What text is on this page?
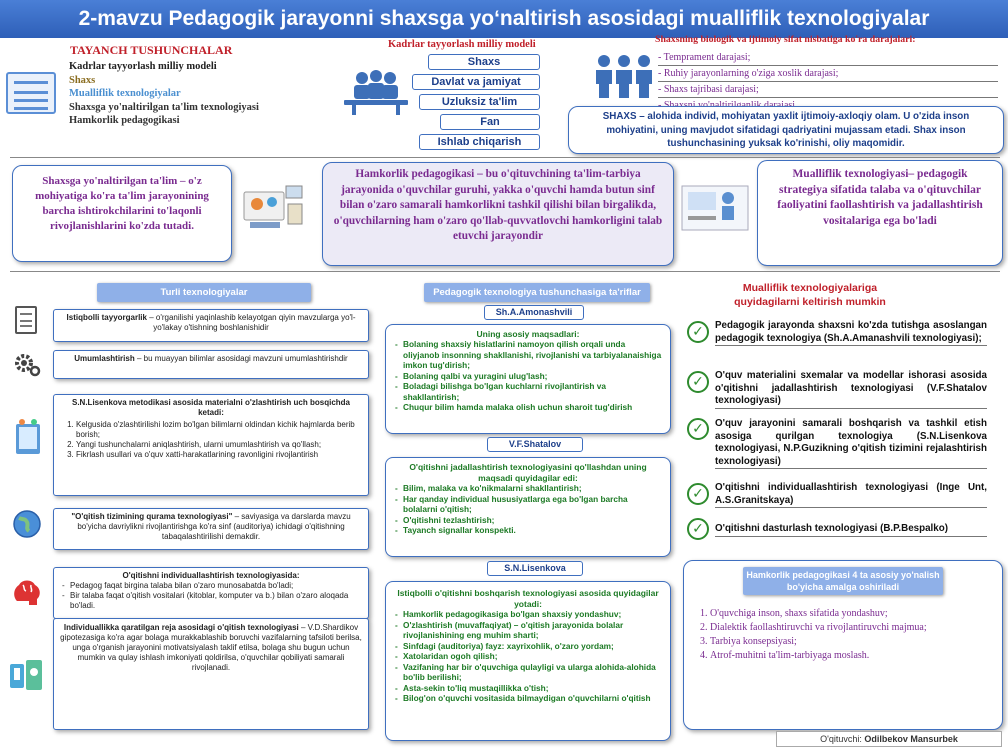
2-mavzu Pedagogik jarayonni shaxsga yoʻnaltirish asosidagi mualliflik texnologiyalar
TAYANCH TUSHUNCHALAR
Kadrlar tayyorlash milliy modeli
Shaxs
Mualliflik texnologiyalar
Shaxsga yo'naltirilgan ta'lim texnologiyasi
Hamkorlik pedagogikasi
Kadrlar tayyorlash milliy modeli
Shaxs
Davlat va jamiyat
Uzluksiz ta'lim
Fan
Ishlab chiqarish
Shaxsning biologik va ijtimoiy sifat nisbatiga ko'ra darajalari:
- Temprament darajasi;
- Ruhiy jarayonlarning o'ziga xoslik darajasi;
- Shaxs tajribasi darajasi;
SHAXS – alohida individ, mohiyatan yaxlit ijtimoiy-axloqiy olam. U o'zida inson mohiyatini, uning mavjudot sifatidagi qadriyatini mujassam etadi. Shax inson tushunchasining yuksak ko'rinishi, oliy maqomidir.
Shaxsga yo'naltirilgan ta'lim – o'z mohiyatiga ko'ra ta'lim jarayonining barcha ishtirokchilarini to'laqonli rivojlanishlarini ko'zda tutadi.
Hamkorlik pedagogikasi – bu o'qituvchining ta'lim-tarbiya jarayonida o'quvchilar guruhi, yakka o'quvchi hamda butun sinf bilan o'zaro samarali hamkorlikni tashkil qilishi bilan birgalikda, o'quvchilarning ham o'zaro qo'llab-quvvatlovchi hamkorligini talab etuvchi jarayondir
Mualliflik texnologiyasi– pedagogik strategiya sifatida talaba va o'qituvchilar faoliyatini faollashtirish va jadallashtirish vositalariga ega bo'ladi
Turli texnologiyalar
Istiqbolli tayyorgarlik – o'rganilishi yaqinlashib kelayotgan qiyin mavzularga yo'l-yo'lakay o'tishning boshlanishidir
Umumlashtirish – bu muayyan bilimlar asosidagi mavzuni umumlashtirishdir
S.N.Lisenkova metodikasi asosida materialni o'zlashtirish uch bosqichda ketadi:
1. Kelgusida o'zlashtirilishi lozim bo'lgan bilimlarni oldindan kichik hajmlarda berib borish;
2. Yangi tushunchalarni aniqlashtirish, ularni umumlashtirish va qo'llash;
3. Fikrlash usullari va o'quv xatti-harakatlarining ravonligini rivojlantirish
"O'qitish tizimining qurama texnologiyasi" – saviyasiga va darslarda mavzu bo'yicha davriylikni rivojlantirishga ko'ra sinf (auditoriya) ichidagi o'qitishning tabaqalashtirilishi demakdir.
O'qitishni individuallashtirish texnologiyasida:
- Pedagog faqat birgina talaba bilan o'zaro munosabatda bo'ladi;
- Bir talaba faqat o'qitish vositalari (kitoblar, komputer va b.) bilan o'zaro aloqada bo'ladi.
Individuallikka qaratilgan reja asosidagi o'qitish texnologiyasi – V.D.Shardikov gipotezasiga ko'ra agar bolaga murakkablashib boruvchi vazifalarning tafsiloti berilsa, unga o'rganish jarayonini motivatsiyalash taklif etilsa, bolaga shu bugun uchun mumkin va qulay ishlash imkoniyati qoldirilsa, o'quvchilar qobiliyati samarali rivojlanadi.
Pedagogik texnologiya tushunchasiga ta'riflar
Sh.A.Amonashvili
Uning asosiy maqsadlari:
- Bolaning shaxsiy hislatlarini namoyon qilish orqali unda oliyjanob insonning shakllanishi, rivojlanishi va tarbiyalanaishiga imkon tug'dirish;
- Bolaning qalbi va yuragini ulug'lash;
- Boladagi bilishga bo'lgan kuchlarni rivojlantirish va shakllantirish;
- Chuqur bilim hamda malaka olish uchun sharoit tug'dirish
V.F.Shatalov
O'qitishni jadallashtirish texnologiyasini qo'llashdan uning maqsadi quyidagilar edi:
- Bilim, malaka va ko'nikmalarni shakllantirish;
- Har qanday individual hususiyatlarga ega bo'lgan barcha bolalarni o'qitish;
- O'qitishni tezlashtirish;
- Tayanch signallar konspekti.
S.N.Lisenkova
Istiqbolli o'qitishni boshqarish texnologiyasi asosida quyidagilar yotadi:
- Hamkorlik pedagogikasiga bo'lgan shaxsiy yondashuv;
- O'zlashtirish (muvaffaqiyat) – o'qitish jarayonida bolalar rivojlanishining eng muhim sharti;
- Sinfdagi (auditoriya) fayz: xayrixohlik, o'zaro yordam;
- Xatolaridan ogoh qilish;
- Vazifaning har bir o'quvchiga qulayligi va ularga alohida-alohida bo'lib berilishi;
- Asta-sekin to'liq mustaqillikka o'tish;
- Bilog'on o'quvchi vositasida bilmaydigan o'quvchilarni o'qitish
Mualliflik texnologiyalariga quyidagilarni keltirish mumkin
✓	Pedagogik jarayonda shaxsni ko'zda tutishga asoslangan pedagogik texnologiya (Sh.A.Amanashvili texnologiyasi);
✓	O'quv materialini sxemalar va modellar ishorasi asosida o'qitishni jadallashtirish texnologiyasi (V.F.Shatalov texnologiyasi)
✓	O'quv jarayonini samarali boshqarish va tashkil etish asosiga qurilgan texnologiya (S.N.Lisenkova texnologiyasi, N.P.Guzikning o'qitish tizimini rejalashtirish texnologiyasi)
✓	O'qitishni individuallashtirish texnologiyasi (Inge Unt, A.S.Granitskaya)
✓	O'qitishni dasturlash texnologiyasi (B.P.Bespalko)
Hamkorlik pedagogikasi 4 ta asosiy yo'nalish bo'yicha amalga oshiriladi
1. O'quvchiga inson, shaxs sifatida yondashuv;
2. Dialektik faollashtiruvchi va rivojlantiruvchi majmua;
3. Tarbiya konsepsiyasi;
4. Atrof-muhitni ta'lim-tarbiyaga moslash.
O'qituvchi: Odilbekov Mansurbek
